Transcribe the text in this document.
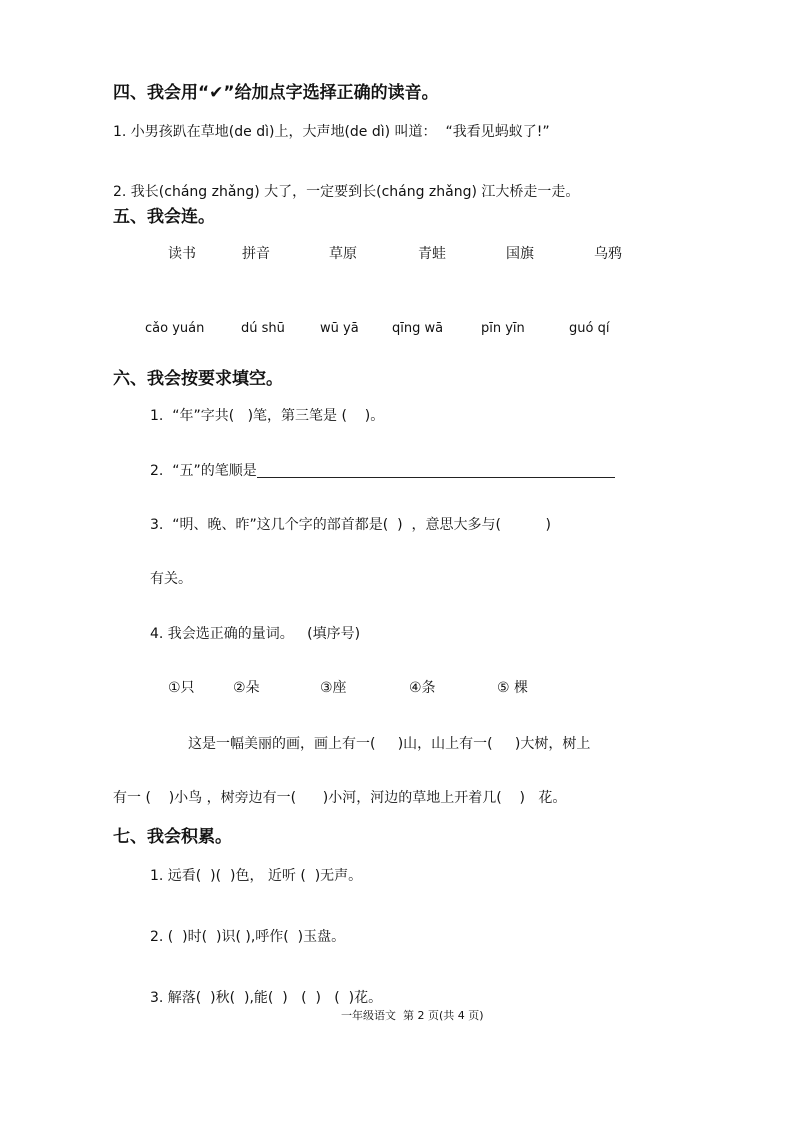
四、我会用“✔”给加点字选择正确的读音。
1. 小男孩趴在草地(de dì)上，大声地(de dì) 叫道：  “我看见蚂蚁了!”
2. 我长(cháng zhǎng) 大了，一定要到长(cháng zhǎng) 江大桥走一走。
五、我会连。
读书	拼音	草原	青蛙	国旗	乌鸦
cǎo yuán	dú shū	wū yā	qīng wā	pīn yīn	guó qí
六、我会按要求填空。
1.  “年”字共(   )笔，第三笔是 (    )。
2.  “五”的笔顺是
3.  “明、晚、昨”这几个字的部首都是(  )  ，意思大多与(          )
有关。
4. 我会选正确的量词。   (填序号)
①只	②朵	③座	④条	⑤ 棵
这是一幅美丽的画，画上有一(     )山，山上有一(     )大树，树上
有一 (    )小鸟 ，树旁边有一(      )小河，河边的草地上开着几(    )   花。
七、我会积累。
1. 远看(  )(  )色， 近听 (  )无声。
2. (  )时(  )识( ),呼作(  )玉盘。
3. 解落(  )秋(  ),能(  )   (  )   (  )花。
一年级语文  第 2 页(共 4 页)
